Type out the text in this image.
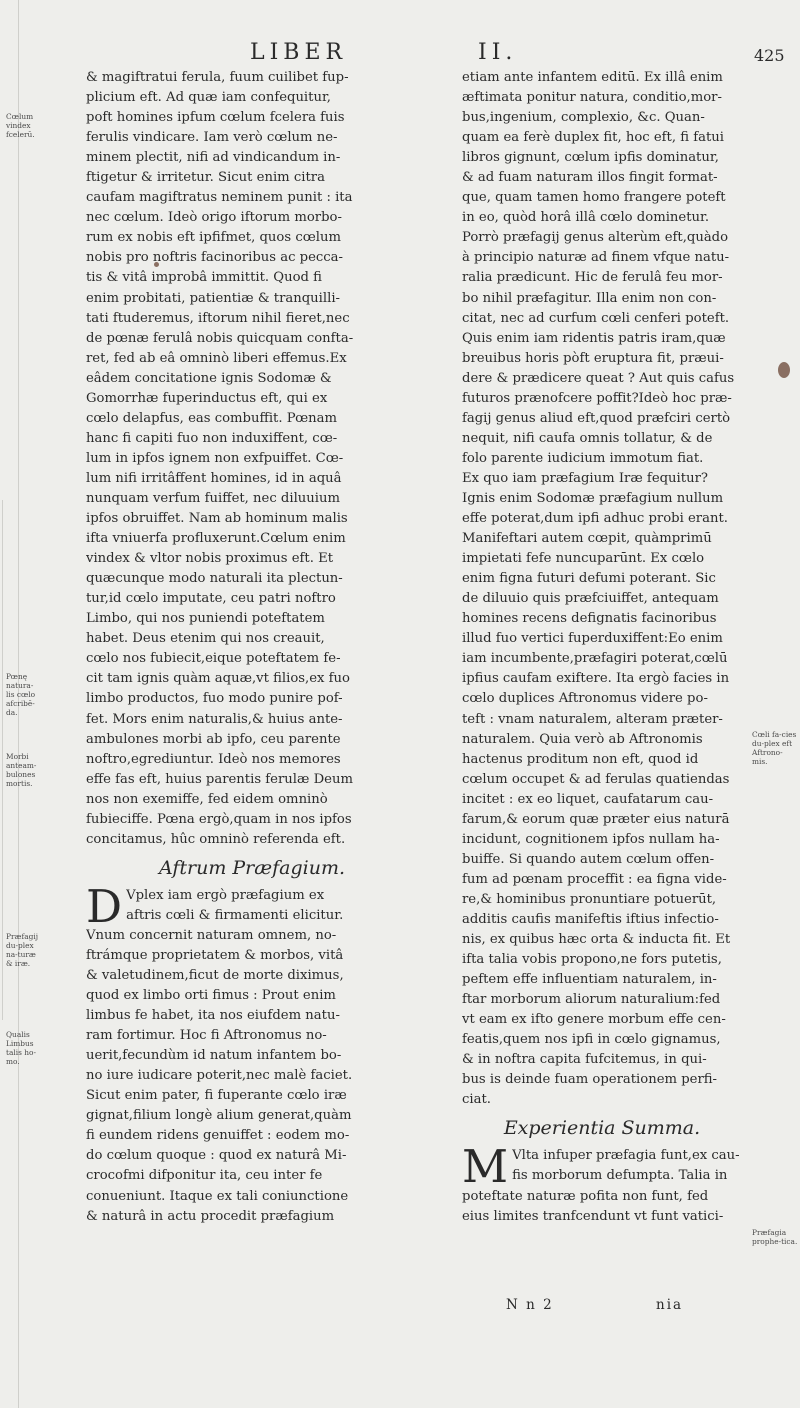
LIBER	II.	425
& magiftratui ferula, fuum cuilibet fup-
plicium eft. Ad quæ iam confequitur,
poft homines ipfum cœlum fcelera fuis
ferulis vindicare. Iam verò cœlum ne-
minem plectit, nifi ad vindicandum in-
ftigetur & irritetur. Sicut enim citra
caufam magiftratus neminem punit : ita
nec cœlum. Ideò origo iftorum morbo-
rum ex nobis eft ipfifmet, quos cœlum
nobis pro noftris facinoribus ac pecca-
tis & vitâ improbâ immittit. Quod fi
enim probitati, patientiæ & tranquilli-
tati ftuderemus, iftorum nihil fieret,nec
de pœnæ ferulâ nobis quicquam confta-
ret, fed ab eâ omninò liberi effemus.Ex
eâdem concitatione ignis Sodomæ &
Gomorrhæ fuperinductus eft, qui ex
cœlo delapfus, eas combuffit. Pœnam
hanc fi capiti fuo non induxiffent, cœ-
lum in ipfos ignem non exfpuiffet. Cœ-
lum nifi irritâffent homines, id in aquâ
nunquam verfum fuiffet, nec diluuium
ipfos obruiffet. Nam ab hominum malis
ifta vniuerfa profluxerunt.Cœlum enim
vindex & vltor nobis proximus eft. Et
quæcunque modo naturali ita plectun-
tur,id cœlo imputate, ceu patri noftro
Limbo, qui nos puniendi poteftatem
habet. Deus etenim qui nos creauit,
cœlo nos fubiecit,eique poteftatem fe-
cit tam ignis quàm aquæ,vt filios,ex fuo
limbo productos, fuo modo punire pof-
fet. Mors enim naturalis,& huius ante-
ambulones morbi ab ipfo, ceu parente
noftro,egrediuntur. Ideò nos memores
effe fas eft, huius parentis ferulæ Deum
nos non exemiffe, fed eidem omninò
fubieciffe. Pœna ergò,quam in nos ipfos
concitamus, hûc omninò referenda eft.
Aftrum Præfagium.
D Vplex iam ergò præfagium ex
aftris cœli & firmamenti elicitur.
Vnum concernit naturam omnem, no-
ftrámque proprietatem & morbos, vitâ
& valetudinem,ficut de morte diximus,
quod ex limbo orti fimus : Prout enim
limbus fe habet, ita nos eiufdem natu-
ram fortimur. Hoc fi Aftronomus no-
uerit,fecundùm id natum infantem bo-
no iure iudicare poterit,nec malè faciet.
Sicut enim pater, fi fuperante cœlo iræ
gignat,filium longè alium generat,quàm
fi eundem ridens genuiffet : eodem mo-
do cœlum quoque : quod ex naturâ Mi-
crocofmi difponitur ita, ceu inter fe
conueniunt. Itaque ex tali coniunctione
& naturâ in actu procedit præfagium
etiam ante infantem editū. Ex illâ enim
æftimata ponitur natura, conditio,mor-
bus,ingenium, complexio, &c. Quan-
quam ea ferè duplex fit, hoc eft, fi fatui
libros gignunt, cœlum ipfis dominatur,
& ad fuam naturam illos fingit format-
que, quam tamen homo frangere poteft
in eo, quòd horâ illâ cœlo dominetur.
Porrò præfagij genus alterùm eft,quàdo
à principio naturæ ad finem vfque natu-
ralia prædicunt. Hic de ferulâ feu mor-
bo nihil præfagitur. Illa enim non con-
citat, nec ad curfum cœli cenferi poteft.
Quis enim iam ridentis patris iram,quæ
breuibus horis pòft eruptura fit, præui-
dere & prædicere queat ? Aut quis cafus
futuros prænofcere poffit?Ideò hoc præ-
fagij genus aliud eft,quod præfciri certò
nequit, nifi caufa omnis tollatur, & de
folo parente iudicium immotum fiat.
Ex quo iam præfagium Iræ fequitur?
Ignis enim Sodomæ præfagium nullum
effe poterat,dum ipfi adhuc probi erant.
Manifeftari autem cœpit, quàmprimū
impietati fefe nuncuparūnt. Ex cœlo
enim figna futuri defumi poterant. Sic
de diluuio quis præfciuiffet, antequam
homines recens defignatis facinoribus
illud fuo vertici fuperduxiffent:Eo enim
iam incumbente,præfagiri poterat,cœlū
ipfius caufam exiftere. Ita ergò facies in
cœlo duplices Aftronomus videre po-
teft : vnam naturalem, alteram præter-
naturalem. Quia verò ab Aftronomis
hactenus proditum non eft, quod id
cœlum occupet & ad ferulas quatiendas
incitet : ex eo liquet, caufatarum cau-
farum,& eorum quæ præter eius naturā
incidunt, cognitionem ipfos nullam ha-
buiffe. Si quando autem cœlum offen-
fum ad pœnam proceffit : ea figna vide-
re,& hominibus pronuntiare potuerūt,
additis caufis manifeftis iftius infectio-
nis, ex quibus hæc orta & inducta fit. Et
ifta talia vobis propono,ne fors putetis,
peftem effe influentiam naturalem, in-
ftar morborum aliorum naturalium:fed
vt eam ex ifto genere morbum effe cen-
featis,quem nos ipfi in cœlo gignamus,
& in noftra capita fufcitemus, in qui-
bus is deinde fuam operationem perfi-
ciat.
Experientia Summa.
M Vlta infuper præfagia funt,ex cau-
fis morborum defumpta. Talia in
poteftate naturæ pofita non funt, fed
eius limites tranfcendunt vt funt vatici-
Cœlum vindex fcelerū.
Pœnę natura-lis cœlo afcribē-da.
Morbi anteam-bulones mortis.
Præfagij du-plex na-turæ & iræ.
Qualis Limbus talis ho-mo.
Cœli fa-cies du-plex eft Aftrono-mis.
Præfagia prophe-tica.
N n 2	nia
